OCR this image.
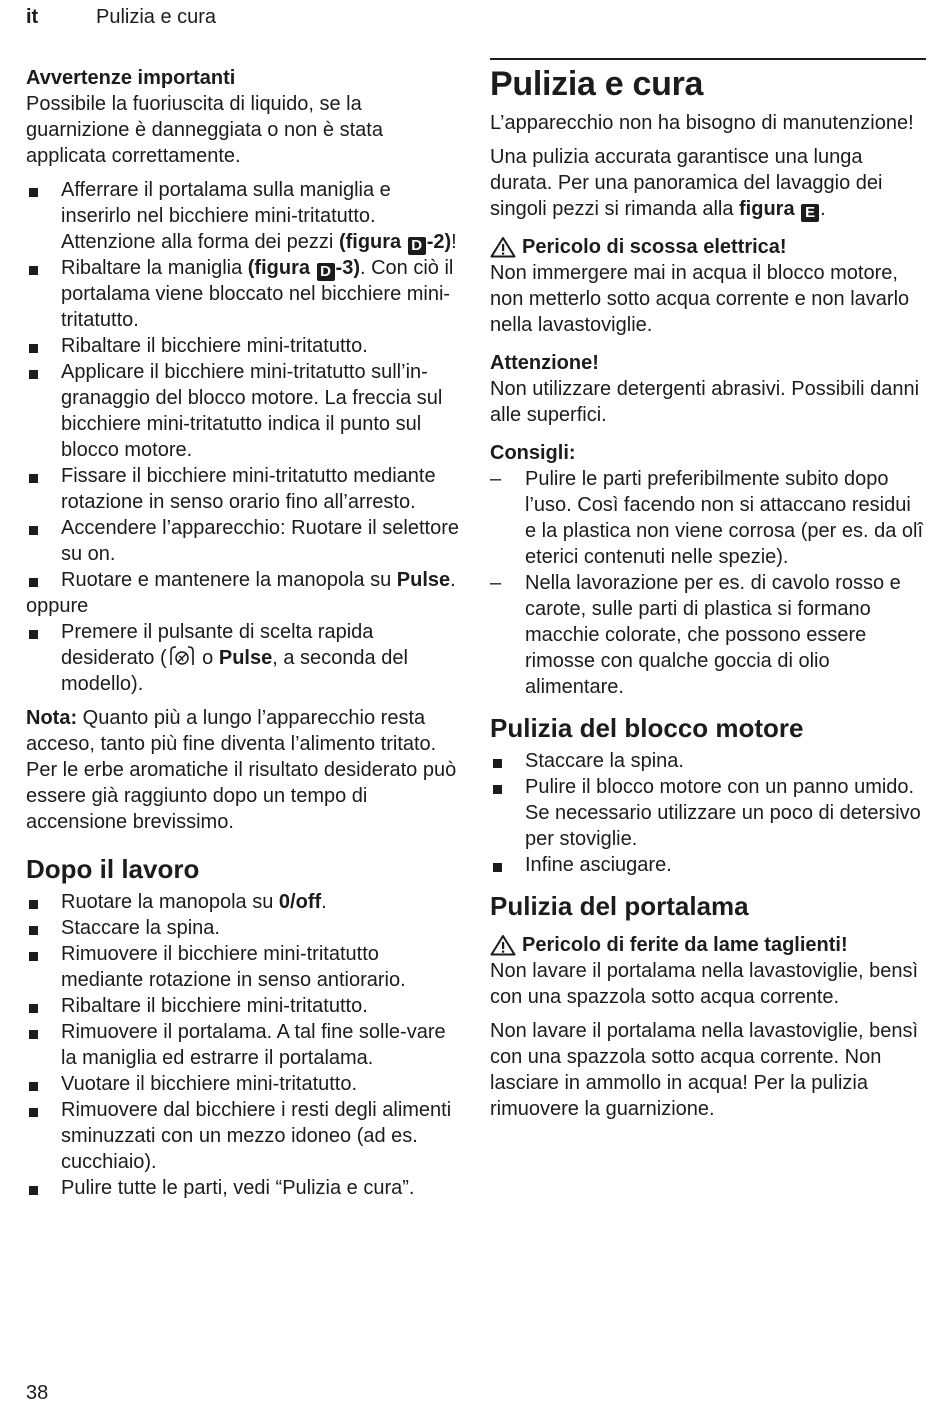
it	Pulizia e cura

Avvertenze importanti

Possibile la fuoriuscita di liquido, se la guarnizione è danneggiata o non è stata applicata correttamente.

Afferrare il portalama sulla maniglia e inserirlo nel bicchiere mini-tritatutto. Attenzione alla forma dei pezzi (figura D -2)!
Ribaltare la maniglia (figura D -3). Con ciò il portalama viene bloccato nel bicchiere mini-tritatutto.
Ribaltare il bicchiere mini-tritatutto.
Applicare il bicchiere mini-tritatutto sull’in-granaggio del blocco motore. La freccia sul bicchiere mini-tritatutto indica il punto sul blocco motore.
Fissare il bicchiere mini-tritatutto mediante rotazione in senso orario fino all’arresto.
Accendere l’apparecchio: Ruotare il selettore su on.
Ruotare e mantenere la manopola su Pulse.

oppure

Premere il pulsante di scelta rapida desiderato ( o Pulse, a seconda del modello).

Nota: Quanto più a lungo l’apparecchio resta acceso, tanto più fine diventa l’alimento tritato. Per le erbe aromatiche il risultato desiderato può essere già raggiunto dopo un tempo di accensione brevissimo.

Dopo il lavoro
Ruotare la manopola su 0/off.
Staccare la spina.
Rimuovere il bicchiere mini-tritatutto mediante rotazione in senso antiorario.
Ribaltare il bicchiere mini-tritatutto.
Rimuovere il portalama. A tal fine solle-vare la maniglia ed estrarre il portalama.
Vuotare il bicchiere mini-tritatutto.
Rimuovere dal bicchiere i resti degli alimenti sminuzzati con un mezzo idoneo (ad es. cucchiaio).
Pulire tutte le parti, vedi “Pulizia e cura”.
Pulizia e cura

L’apparecchio non ha bisogno di manutenzione!

Una pulizia accurata garantisce una lunga durata. Per una panoramica del lavaggio dei singoli pezzi si rimanda alla figura E .

Pericolo di scossa elettrica!

Non immergere mai in acqua il blocco motore, non metterlo sotto acqua corrente e non lavarlo nella lavastoviglie.

Attenzione!

Non utilizzare detergenti abrasivi. Possibili danni alle superfici.

Consigli:

– Pulire le parti preferibilmente subito dopo l’uso. Così facendo non si attaccano residui e la plastica non viene corrosa (per es. da olî eterici contenuti nelle spezie).
– Nella lavorazione per es. di cavolo rosso e carote, sulle parti di plastica si formano macchie colorate, che possono essere rimosse con qualche goccia di olio alimentare.
Pulizia del blocco motore
Staccare la spina.
Pulire il blocco motore con un panno umido. Se necessario utilizzare un poco di detersivo per stoviglie.
Infine asciugare.
Pulizia del portalama
Pericolo di ferite da lame taglienti!

Non lavare il portalama nella lavastoviglie, bensì con una spazzola sotto acqua corrente.

Non lavare il portalama nella lavastoviglie, bensì con una spazzola sotto acqua corrente. Non lasciare in ammollo in acqua! Per la pulizia rimuovere la guarnizione.

38
